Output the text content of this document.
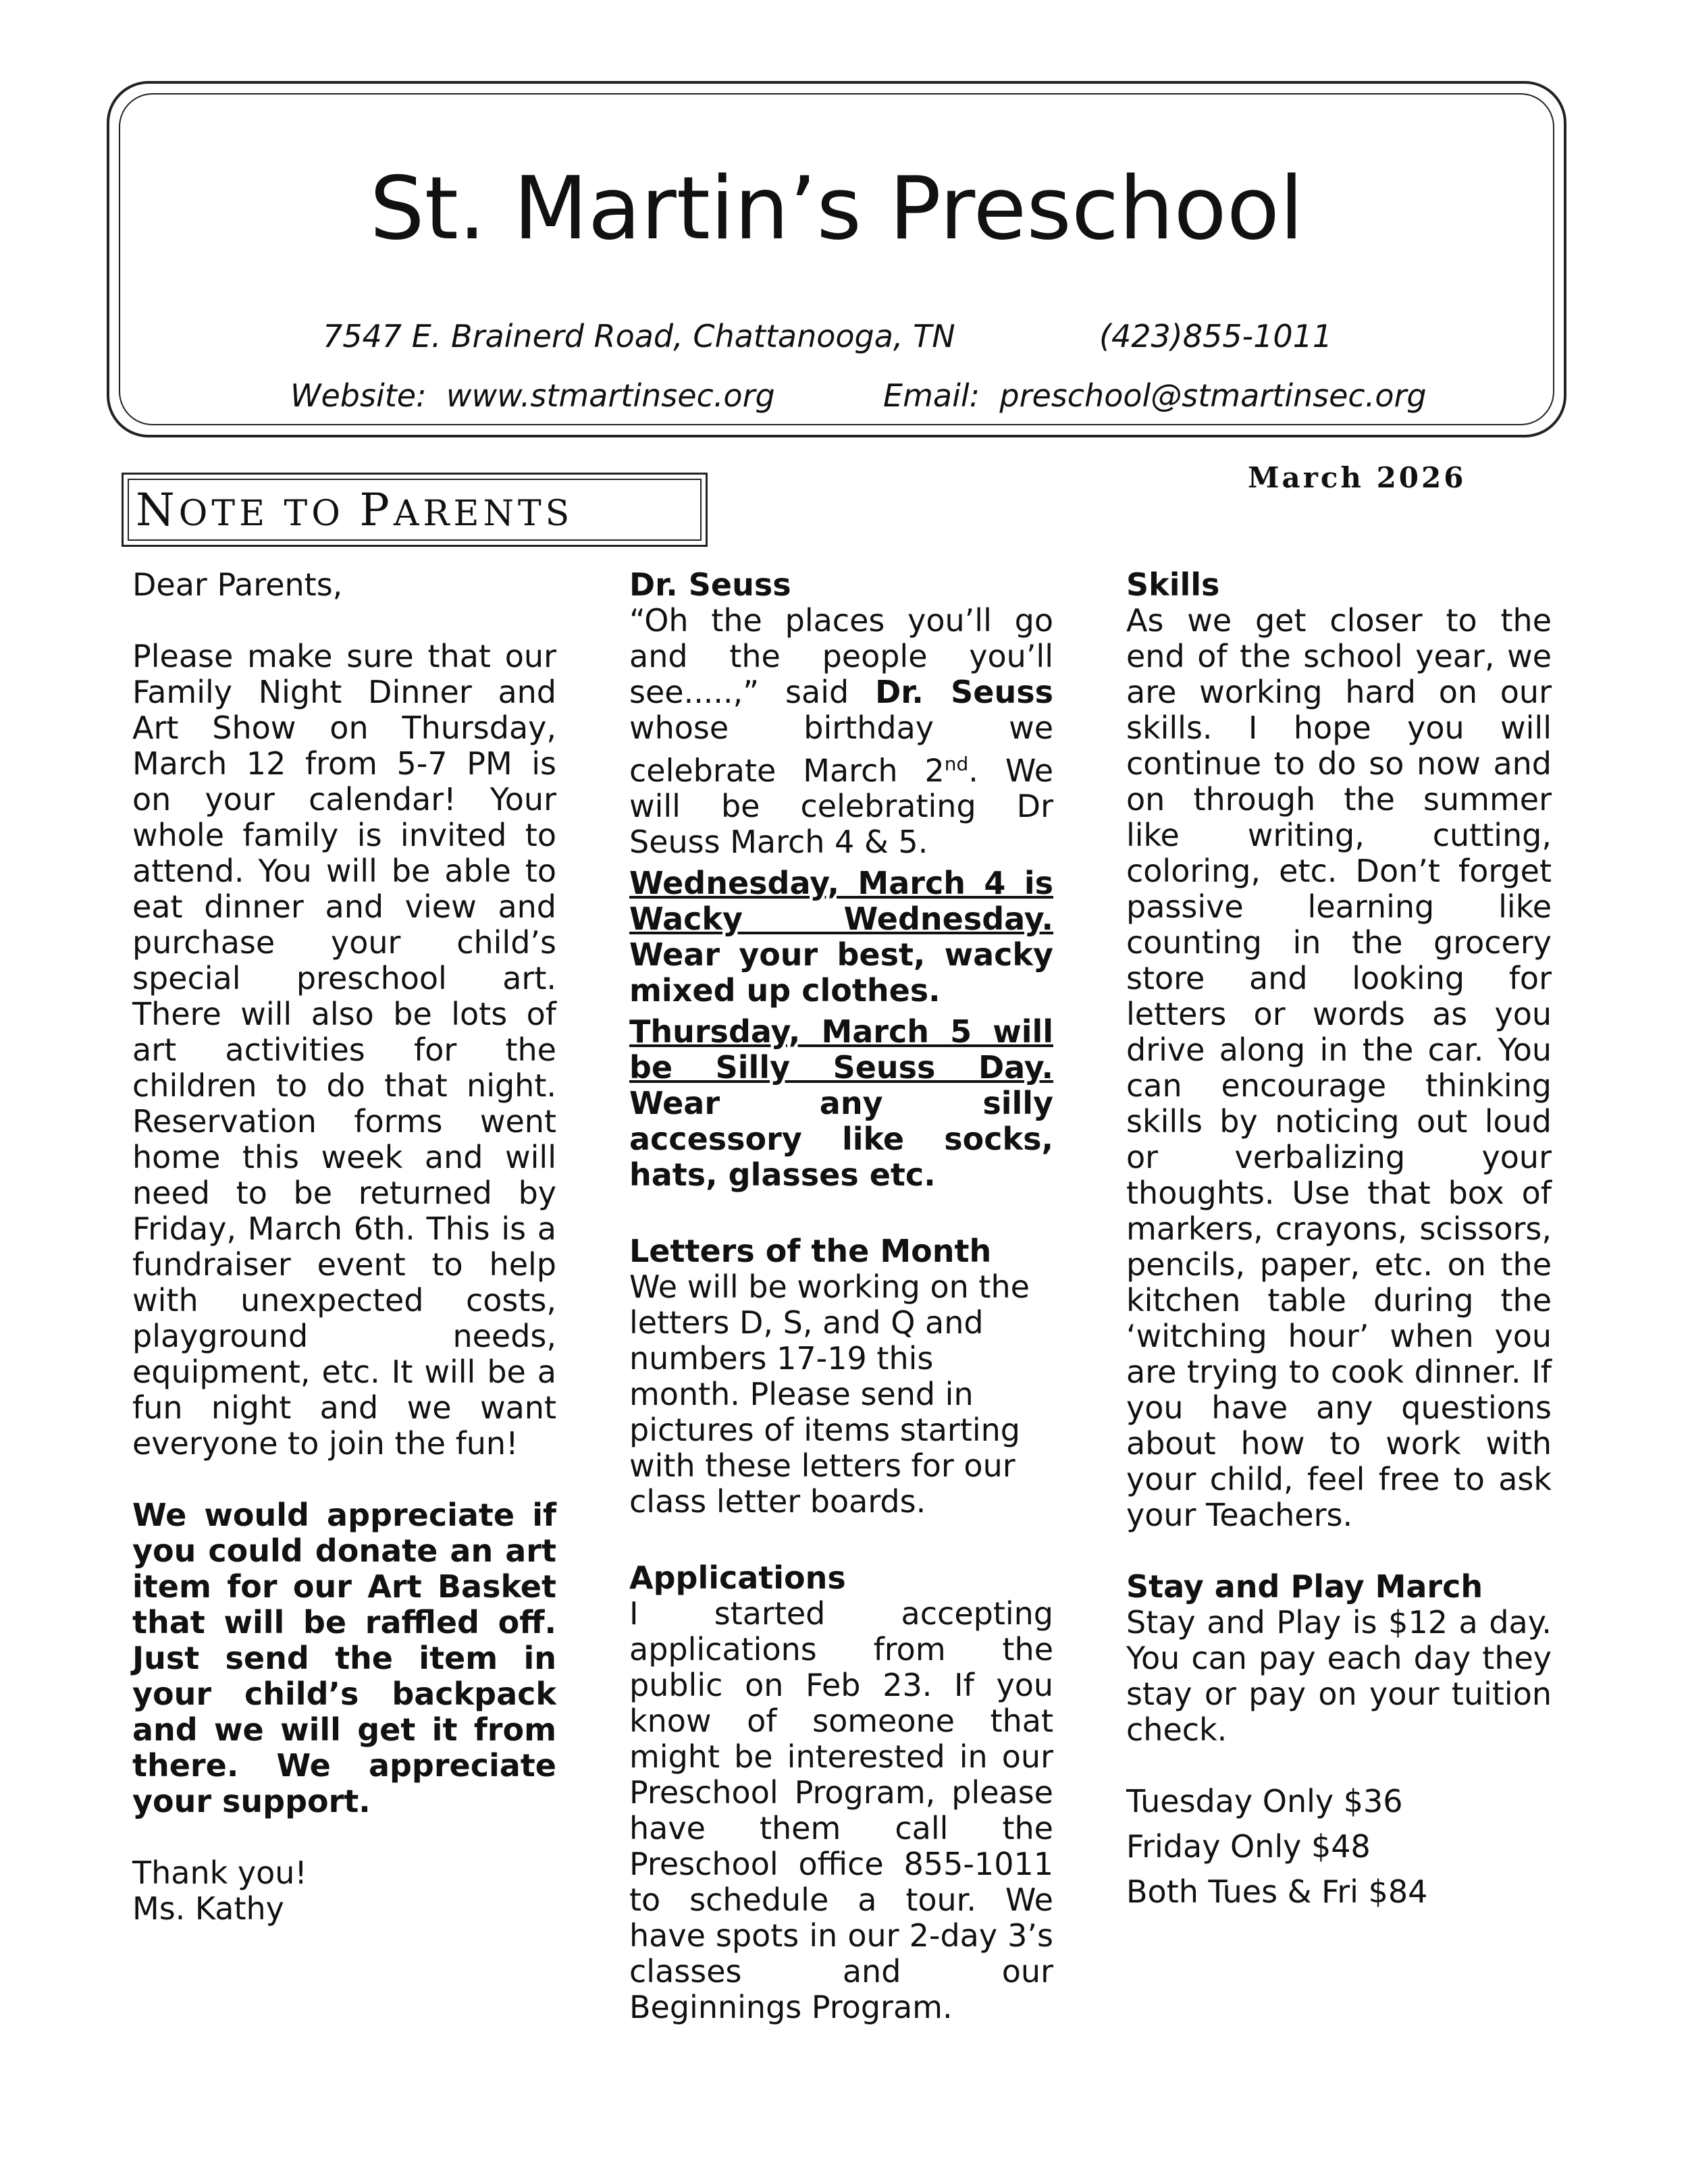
St. Martin’s Preschool
7547 E. Brainerd Road, Chattanooga, TN	(423)855-1011
Website: www.stmartinsec.org	Email: preschool@stmartinsec.org
NOTE TO PARENTS
March 2026

Dear Parents,

Please make sure that our Family Night Dinner and Art Show on Thursday, March 12 from 5-7 PM is on your calendar! Your whole family is invited to attend. You will be able to eat dinner and view and purchase your child’s special preschool art. There will also be lots of art activities for the children to do that night. Reservation forms went home this week and will need to be returned by Friday, March 6th. This is a fundraiser event to help with unexpected costs, playground needs, equipment, etc. It will be a fun night and we want everyone to join the fun!

We would appreciate if you could donate an art item for our Art Basket that will be raffled off. Just send the item in your child’s backpack and we will get it from there. We appreciate your support.

Thank you!

Ms. Kathy

Dr. Seuss

“Oh the places you’ll go and the people you’ll see.....,” said Dr. Seuss whose birthday we celebrate March 2nd. We will be celebrating Dr Seuss March 4 & 5.

Wednesday, March 4 is Wacky Wednesday. Wear your best, wacky mixed up clothes.

Thursday, March 5 will be Silly Seuss Day. Wear any silly accessory like socks, hats, glasses etc.

Letters of the Month

We will be working on the letters D, S, and Q and numbers 17-19 this month. Please send in pictures of items starting with these letters for our class letter boards.

Applications

I started accepting applications from the public on Feb 23. If you know of someone that might be interested in our Preschool Program, please have them call the Preschool office 855-1011 to schedule a tour. We have spots in our 2-day 3’s classes and our Beginnings Program.

Skills

As we get closer to the end of the school year, we are working hard on our skills. I hope you will continue to do so now and on through the summer like writing, cutting, coloring, etc. Don’t forget passive learning like counting in the grocery store and looking for letters or words as you drive along in the car. You can encourage thinking skills by noticing out loud or verbalizing your thoughts. Use that box of markers, crayons, scissors, pencils, paper, etc. on the kitchen table during the ‘witching hour’ when you are trying to cook dinner. If you have any questions about how to work with your child, feel free to ask your Teachers.

Stay and Play March

Stay and Play is $12 a day. You can pay each day they stay or pay on your tuition check.

Tuesday Only $36

Friday Only $48

Both Tues & Fri $84
